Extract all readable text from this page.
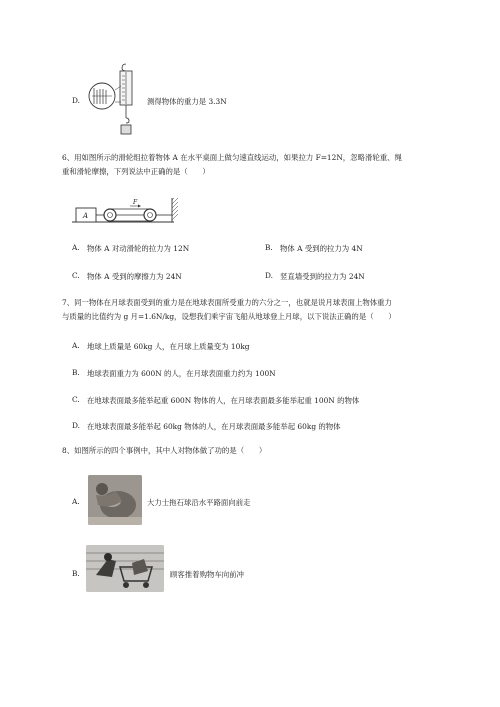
D.	测得物体的重力是 3.3N
6、用如图所示的滑轮组拉着物体 A 在水平桌面上做匀速直线运动，如果拉力 F=12N，忽略滑轮重、绳
重和滑轮摩擦，下列说法中正确的是（　　）
A
F
A. 物体 A 对动滑轮的拉力为 12N	B. 物体 A 受到的拉力为 4N
C. 物体 A 受到的摩擦力为 24N	D. 竖直墙受到的拉力为 24N
7、同一物体在月球表面受到的重力是在地球表面所受重力的六分之一，也就是说月球表面上物体重力
与质量的比值约为 g 月=1.6N/kg，设想我们乘宇宙飞船从地球登上月球，以下说法正确的是（　　）
A. 地球上质量是 60kg 人，在月球上质量变为 10kg
B. 地球表面重力为 600N 的人，在月球表面重力约为 100N
C. 在地球表面最多能举起重 600N 物体的人，在月球表面最多能举起重 100N 的物体
D. 在地球表面最多能举起 60kg 物体的人，在月球表面最多能举起 60kg 的物体
8、如图所示的四个事例中，其中人对物体做了功的是（　　）
A.	大力士拖石球沿水平路面向前走
B.	顾客推着购物车向前冲
